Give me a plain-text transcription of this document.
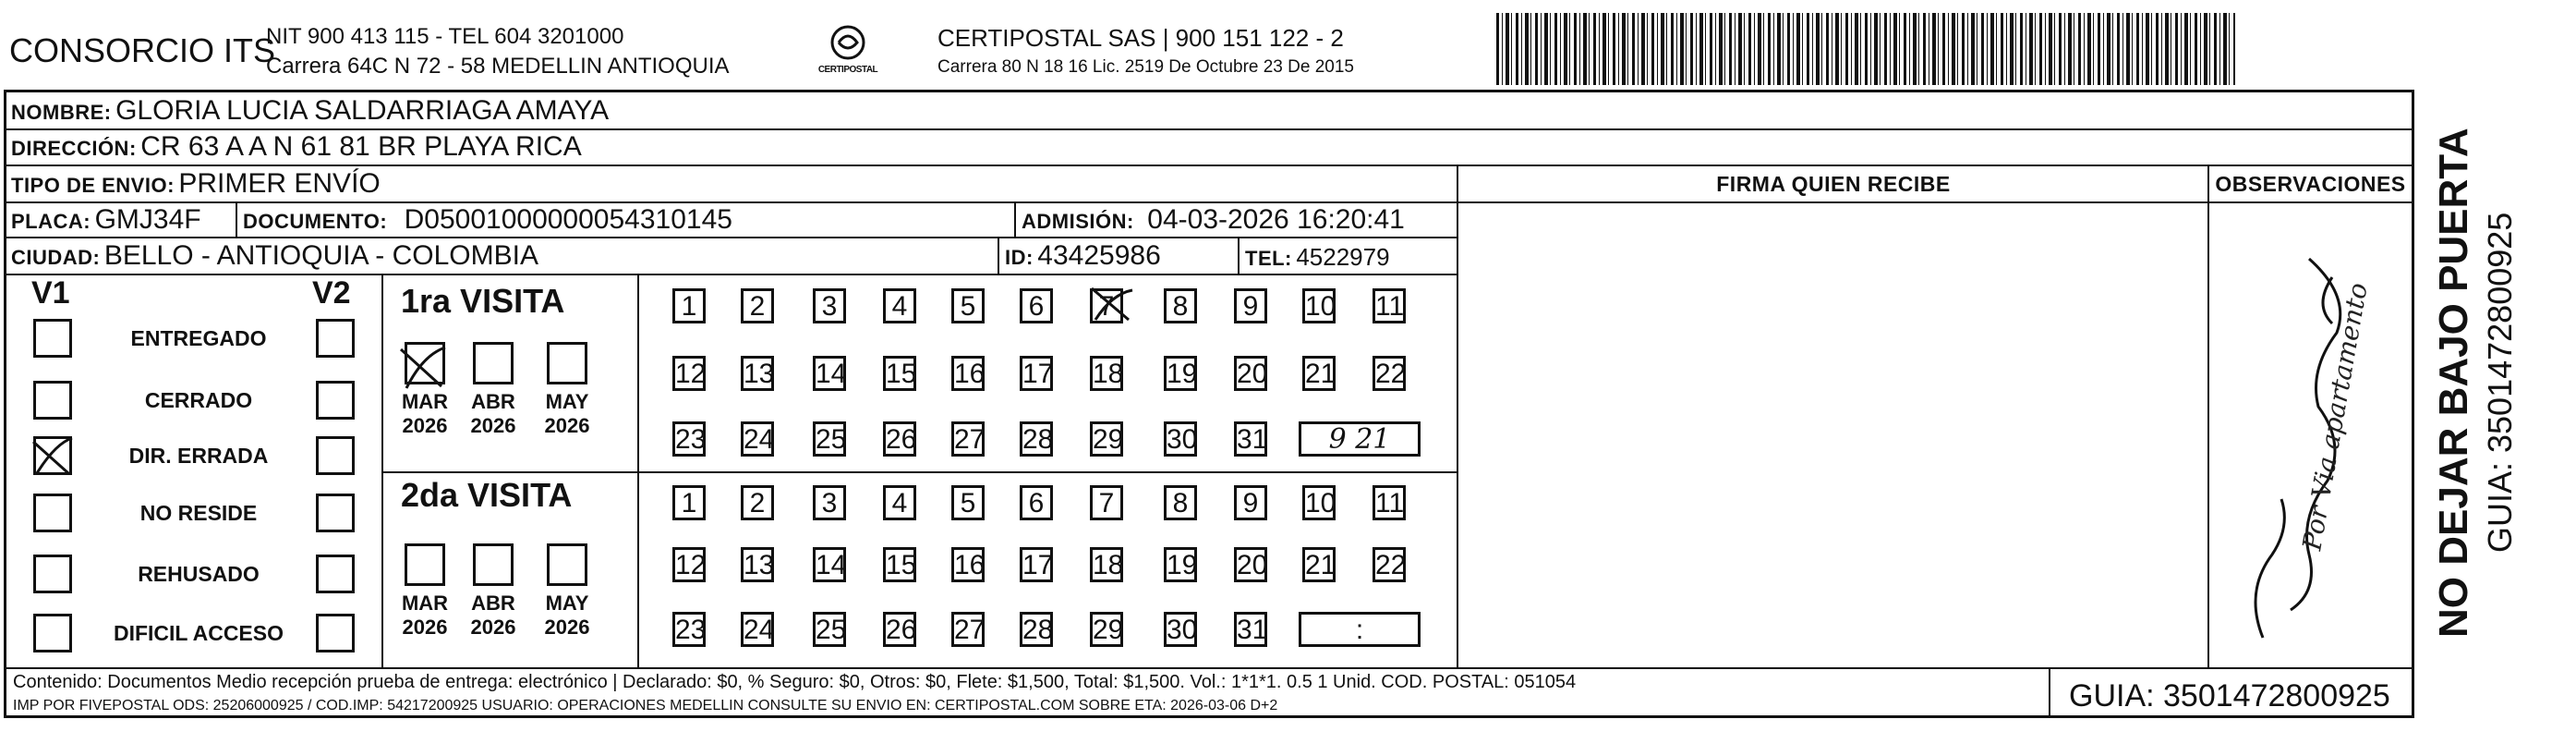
CONSORCIO ITS
NIT 900 413 115 - TEL 604 3201000
Carrera 64C N 72 - 58 MEDELLIN ANTIOQUIA	CERTIPOSTAL
CERTIPOSTAL SAS | 900 151 122 - 2
Carrera 80 N 18 16 Lic. 2519 De Octubre 23 De 2015
NOMBRE: GLORIA LUCIA SALDARRIAGA AMAYA
DIRECCIÓN: CR 63 A A N 61 81 BR PLAYA RICA
TIPO DE ENVIO: PRIMER ENVÍO
PLACA: GMJ34F DOCUMENTO: D05001000000054310145	ADMISIÓN: 04-03-2026 16:20:41
CIUDAD: BELLO - ANTIOQUIA - COLOMBIA	ID: 43425986	TEL: 4522979
FIRMA QUIEN RECIBE	OBSERVACIONES
V1	V2
ENTREGADO
CERRADO
DIR. ERRADA
NO RESIDE
REHUSADO
DIFICIL ACCESO
1ra VISITA
2da VISITA
MAR
2026
ABR
2026
MAY
2026
MAR
2026
ABR
2026
MAY
2026
1	2	3	4	5	6	7	8	9	10 11
12 13 14 15 16 17 18 19 20 21 22
23 24 25 26 27 28 29 30 31	9 21
1	2	3	4	5	6	7	8	9	10 11
12 13 14 15 16 17 18 19 20 21 22
23 24 25 26 27 28 29 30 31	:
Por Via apartamento NO DEJAR BAJO PUERTA GUIA: 3501472800925
Contenido: Documentos Medio recepción prueba de entrega: electrónico | Declarado: $0, % Seguro: $0, Otros: $0, Flete: $1,500, Total: $1,500. Vol.: 1*1*1. 0.5 1 Unid. COD. POSTAL: 051054
IMP POR FIVEPOSTAL ODS: 25206000925 / COD.IMP: 54217200925 USUARIO: OPERACIONES MEDELLIN CONSULTE SU ENVIO EN: CERTIPOSTAL.COM SOBRE ETA: 2026-03-06 D+2	GUIA: 3501472800925
